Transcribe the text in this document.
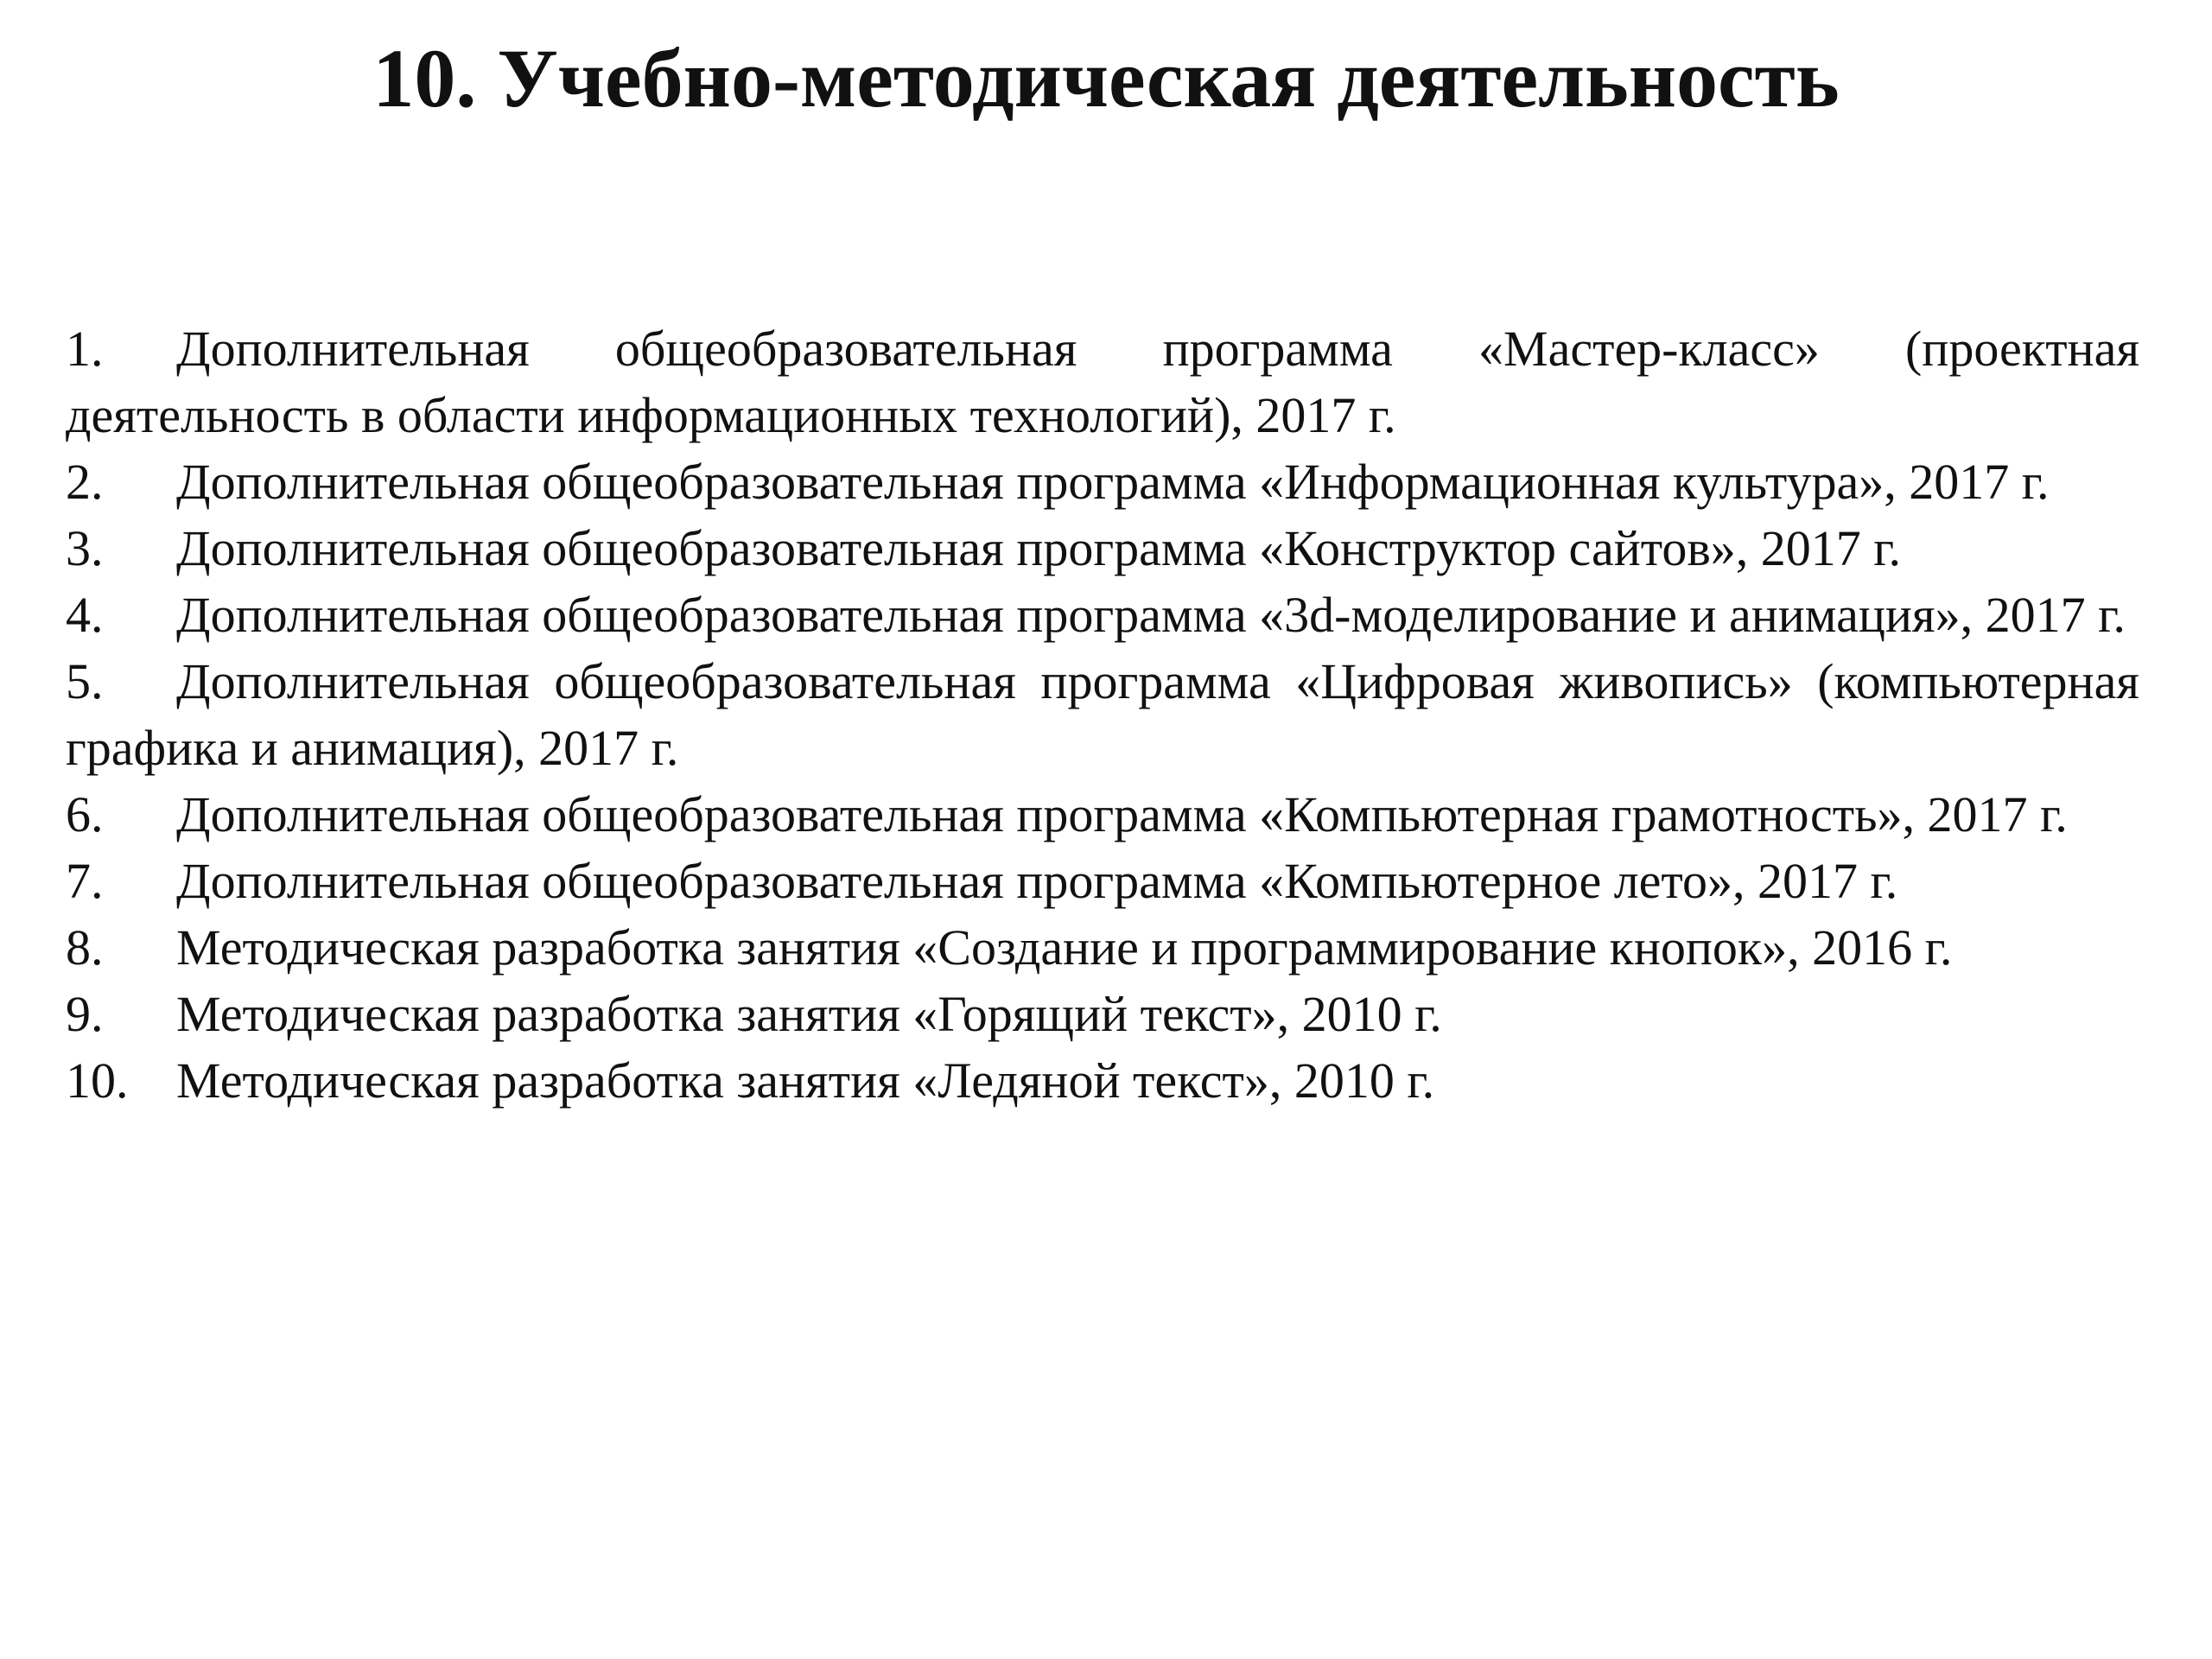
10. Учебно-методическая деятельность
1. Дополнительная общеобразовательная программа «Мастер-класс» (проектная деятельность в области информационных технологий), 2017 г.
2. Дополнительная общеобразовательная программа «Информационная культура», 2017 г.
3. Дополнительная общеобразовательная программа «Конструктор сайтов», 2017 г.
4. Дополнительная общеобразовательная программа «3d-моделирование и анимация», 2017 г.
5. Дополнительная общеобразовательная программа «Цифровая живопись» (компьютерная графика и анимация), 2017 г.
6. Дополнительная общеобразовательная программа «Компьютерная грамотность», 2017 г.
7. Дополнительная общеобразовательная программа «Компьютерное лето», 2017 г.
8. Методическая разработка занятия «Создание и программирование кнопок», 2016 г.
9. Методическая разработка занятия «Горящий текст», 2010 г.
10. Методическая разработка занятия «Ледяной текст», 2010 г.
